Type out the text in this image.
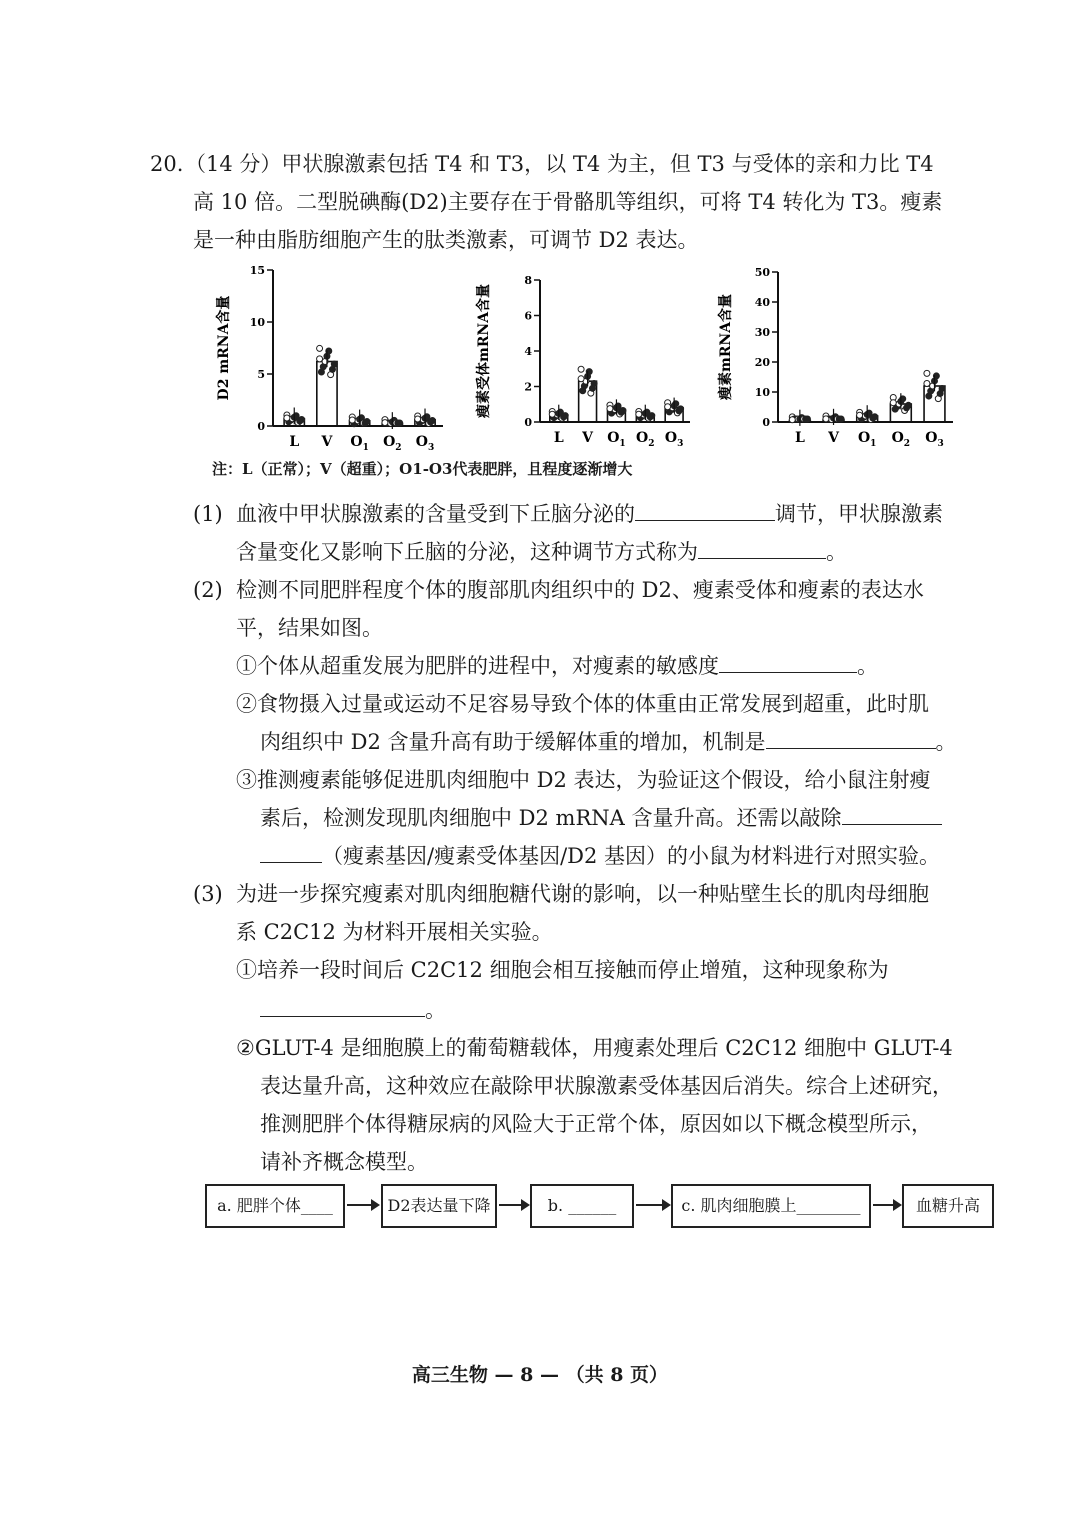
20. （14 分）甲状腺激素包括 T4 和 T3，以 T4 为主，但 T3 与受体的亲和力比 T4
高 10 倍。二型脱碘酶(D2)主要存在于骨骼肌等组织，可将 T4 转化为 T3。瘦素
是一种由脂肪细胞产生的肽类激素，可调节 D2 表达。
0
5
10
15
D2 mRNA含量
L V $O_1$ $O_2$ $O_3$
0
2
4
6
8
瘦素受体mRNA含量
L V $O_1$ $O_2$ $O_3$
0
10
20
30
40
50
瘦素mRNA含量
L V $O_1$ $O_2$ $O_3$
注：L（正常）；V（超重）；O1-O3代表肥胖，且程度逐渐增大
(1) 血液中甲状腺激素的含量受到下丘脑分泌的	调节，甲状腺激素
含量变化又影响下丘脑的分泌，这种调节方式称为	。
(2) 检测不同肥胖程度个体的腹部肌肉组织中的 D2、瘦素受体和瘦素的表达水
平，结果如图。
①个体从超重发展为肥胖的进程中，对瘦素的敏感度	。
②食物摄入过量或运动不足容易导致个体的体重由正常发展到超重，此时肌
肉组织中 D2 含量升高有助于缓解体重的增加，机制是	。
③推测瘦素能够促进肌肉细胞中 D2 表达，为验证这个假设，给小鼠注射瘦
素后，检测发现肌肉细胞中 D2 mRNA 含量升高。还需以敲除
（瘦素基因/瘦素受体基因/D2 基因）的小鼠为材料进行对照实验。
(3) 为进一步探究瘦素对肌肉细胞糖代谢的影响，以一种贴壁生长的肌肉母细胞
系 C2C12 为材料开展相关实验。
①培养一段时间后 C2C12 细胞会相互接触而停止增殖，这种现象称为
。
②GLUT-4 是细胞膜上的葡萄糖载体，用瘦素处理后 C2C12 细胞中 GLUT-4
表达量升高，这种效应在敲除甲状腺激素受体基因后消失。综合上述研究，
推测肥胖个体得糖尿病的风险大于正常个体，原因如以下概念模型所示，
请补齐概念模型。
a. 肥胖个体____	D2表达量下降	b. ______	c. 肌肉细胞膜上________	血糖升高
高三生物 — 8 — （共 8 页）
